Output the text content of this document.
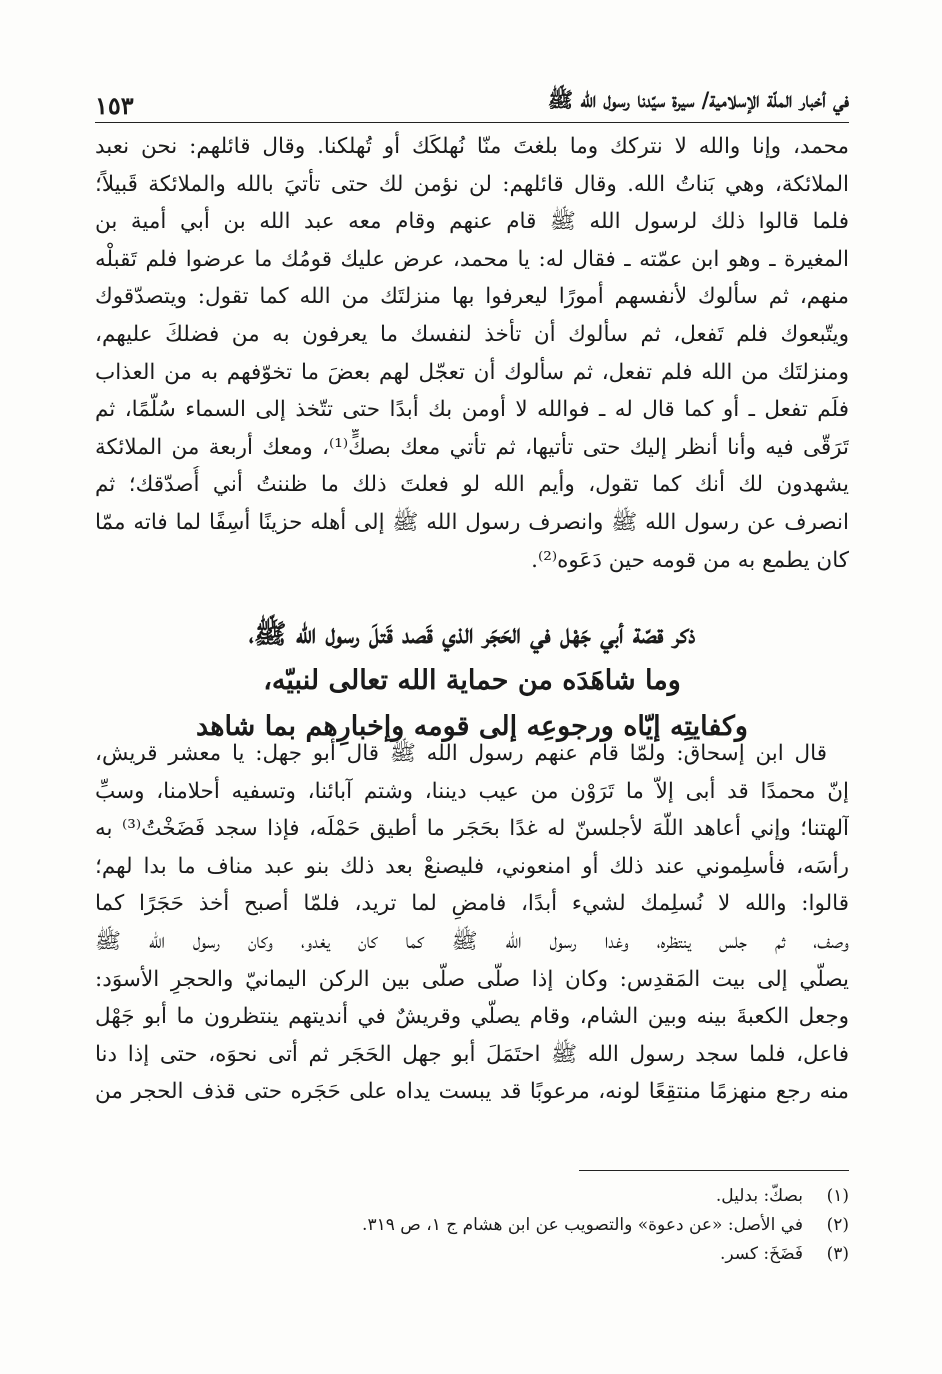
في أخبار الملّة الإسلامية/ سيرة سيّدنا رسول الله ﷺ
١٥٣
محمد، وإنا والله لا نتركك وما بلغتَ منّا نُهلكَك أو تُهلكنا. وقال قائلهم: نحن نعبد
الملائكة، وهي بَناتُ الله. وقال قائلهم: لن نؤمن لك حتى تأتيَ بالله والملائكة قَبيلاً؛
فلما قالوا ذلك لرسول الله ﷺ قام عنهم وقام معه عبد الله بن أبي أمية بن
المغيرة ـ وهو ابن عمّته ـ فقال له: يا محمد، عرض عليك قومُك ما عرضوا فلم تَقبلْه
منهم، ثم سألوك لأنفسهم أمورًا ليعرفوا بها منزلتَك من الله كما تقول: ويتصدّقوك
ويتّبعوك فلم تَفعل، ثم سألوك أن تأخذ لنفسك ما يعرفون به من فضلكَ عليهم،
ومنزلتَك من الله فلم تفعل، ثم سألوك أن تعجّل لهم بعضَ ما تخوّفهم به من العذاب
فلَم تفعل ـ أو كما قال له ـ فوالله لا أومن بك أبدًا حتى تتّخذ إلى السماء سُلّمًا، ثم
تَرَقّى فيه وأنا أنظر إليك حتى تأتيها، ثم تأتي معك بصكٍّ⁽¹⁾، ومعك أربعة من الملائكة
يشهدون لك أنك كما تقول، وأيم الله لو فعلتَ ذلك ما ظننتُ أني أُصدّقك؛ ثم
انصرف عن رسول الله ﷺ وانصرف رسول الله ﷺ إلى أهله حزينًا أسِفًا لما فاته ممّا
كان يطمع به من قومه حين دَعَوه⁽²⁾.
ذكر قصّة أبي جَهْل في الحَجَر الذي قَصد قَتلَ رسول الله ﷺ،
وما شاهَدَه من حماية الله تعالى لنبيّه،
وكفايتِه إيّاه ورجوعِه إلى قومه وإخبارِهم بما شاهد
قال ابن إسحاق: ولمّا قام عنهم رسول الله ﷺ قال أبو جهل: يا معشر قريش،
إنّ محمدًا قد أبى إلاّ ما تَرَوْن من عيب ديننا، وشتم آبائنا، وتسفيه أحلامنا، وسبِّ
آلهتنا؛ وإني أعاهد اللّهَ لأجلسنّ له غدًا بحَجَر ما أطيق حَمْلَه، فإذا سجد فَضَخْتُ⁽³⁾ به
رأسَه، فأسلِموني عند ذلك أو امنعوني، فليصنعْ بعد ذلك بنو عبد مناف ما بدا لهم؛
قالوا: والله لا نُسلِمك لشيء أبدًا، فامضِ لما تريد، فلمّا أصبح أخذ حَجَرًا كما
وصف، ثم جلس ينتظره، وغدا رسول الله ﷺ كما كان يغدو، وكان رسول الله ﷺ
يصلّي إلى بيت المَقدِس: وكان إذا صلّى صلّى بين الركن اليمانيّ والحجرِ الأسوَد:
وجعل الكعبةَ بينه وبين الشام، وقام يصلّي وقريشٌ في أنديتهم ينتظرون ما أبو جَهْل
فاعل، فلما سجد رسول الله ﷺ احتَمَلَ أبو جهل الحَجَر ثم أتى نحوَه، حتى إذا دنا
منه رجع منهزمًا منتقِعًا لونه، مرعوبًا قد يبست يداه على حَجَره حتى قذف الحجر من
(١)
بصكّ: بدليل.
(٢)
في الأصل: «عن دعوة» والتصويب عن ابن هشام ج ١، ص ٣١٩.
(٣)
فَضَخَ: كسر.
